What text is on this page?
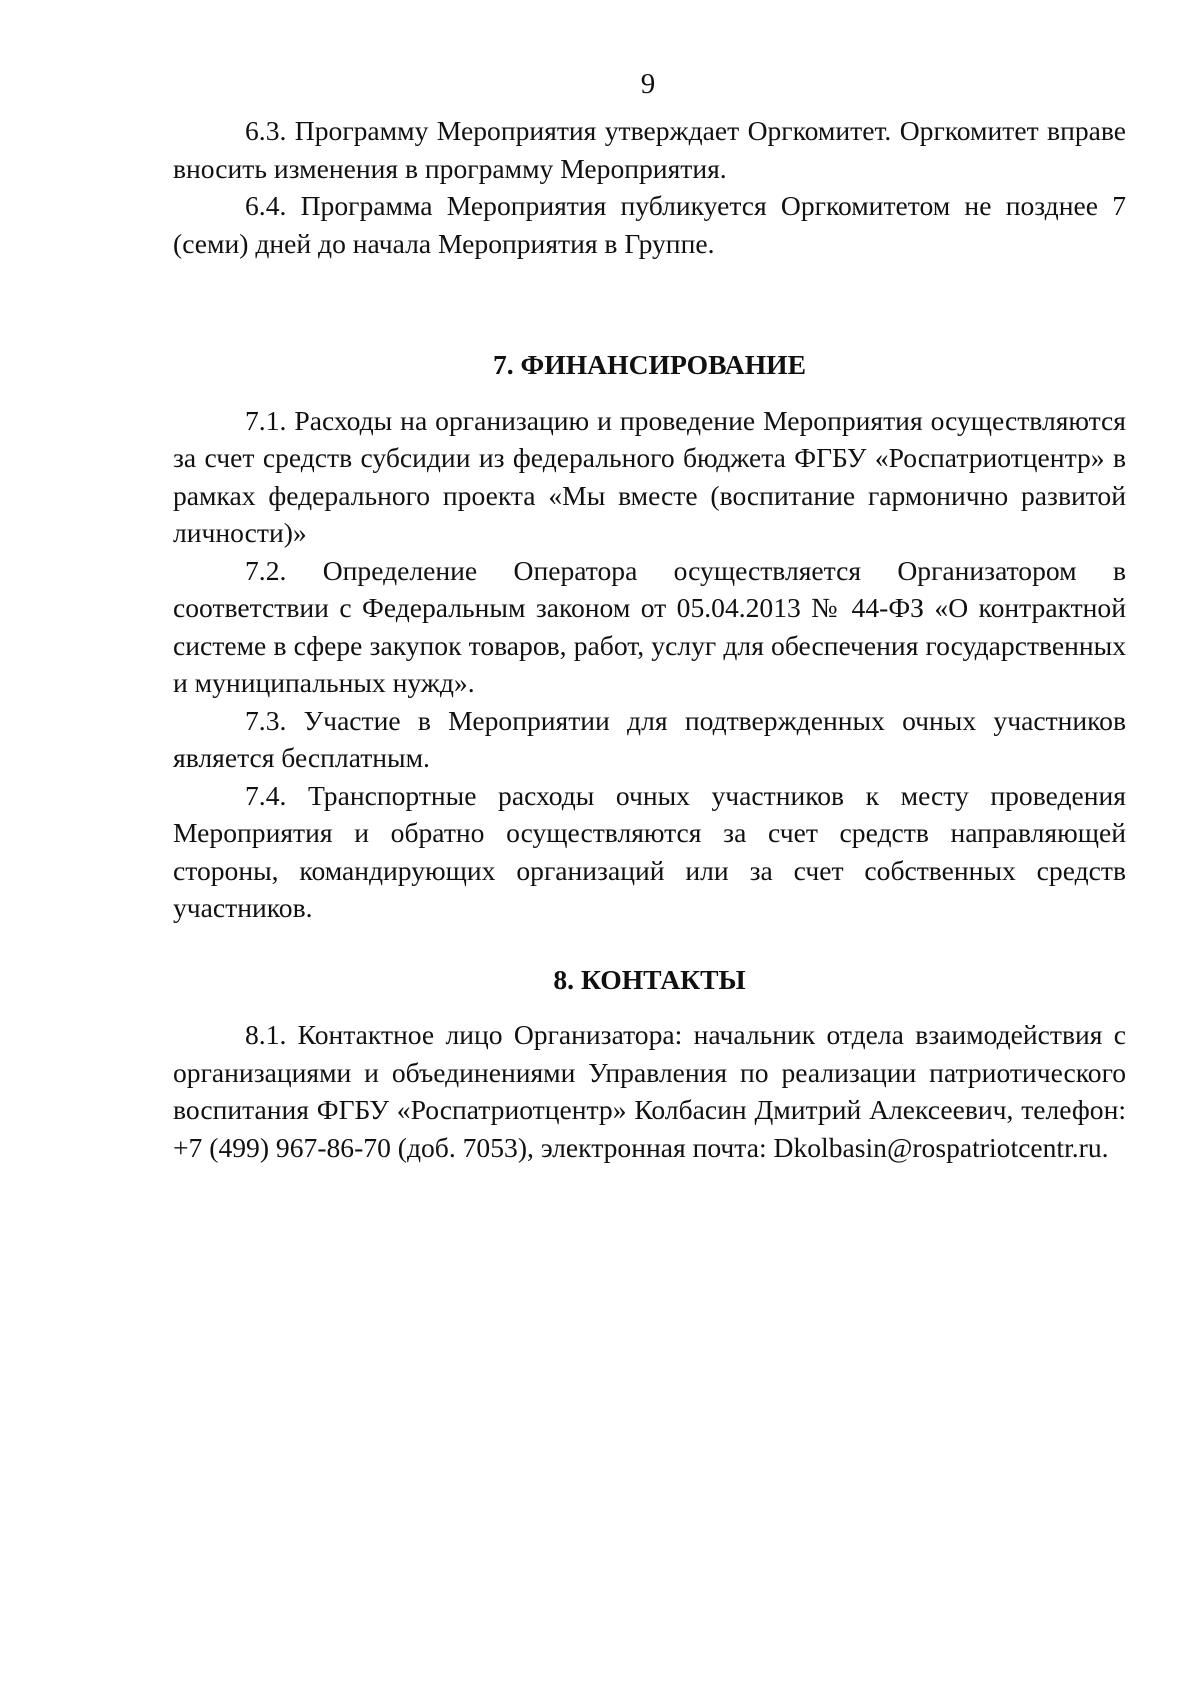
9

6.3. Программу Мероприятия утверждает Оргкомитет. Оргкомитет вправе вносить изменения в программу Мероприятия.

6.4. Программа Мероприятия публикуется Оргкомитетом не позднее 7 (семи) дней до начала Мероприятия в Группе.

7. ФИНАНСИРОВАНИЕ

7.1. Расходы на организацию и проведение Мероприятия осуществляются за счет средств субсидии из федерального бюджета ФГБУ «Роспатриотцентр» в рамках федерального проекта «Мы вместе (воспитание гармонично развитой личности)»

7.2. Определение Оператора осуществляется Организатором в соответствии с Федеральным законом от 05.04.2013 № 44-ФЗ «О контрактной системе в сфере закупок товаров, работ, услуг для обеспечения государственных и муниципальных нужд».

7.3. Участие в Мероприятии для подтвержденных очных участников является бесплатным.

7.4. Транспортные расходы очных участников к месту проведения Мероприятия и обратно осуществляются за счет средств направляющей стороны, командирующих организаций или за счет собственных средств участников.

8. КОНТАКТЫ

8.1. Контактное лицо Организатора: начальник отдела взаимодействия с организациями и объединениями Управления по реализации патриотического воспитания ФГБУ «Роспатриотцентр» Колбасин Дмитрий Алексеевич, телефон: +7 (499) 967-86-70 (доб. 7053), электронная почта: Dkolbasin@rospatriotcentr.ru.
